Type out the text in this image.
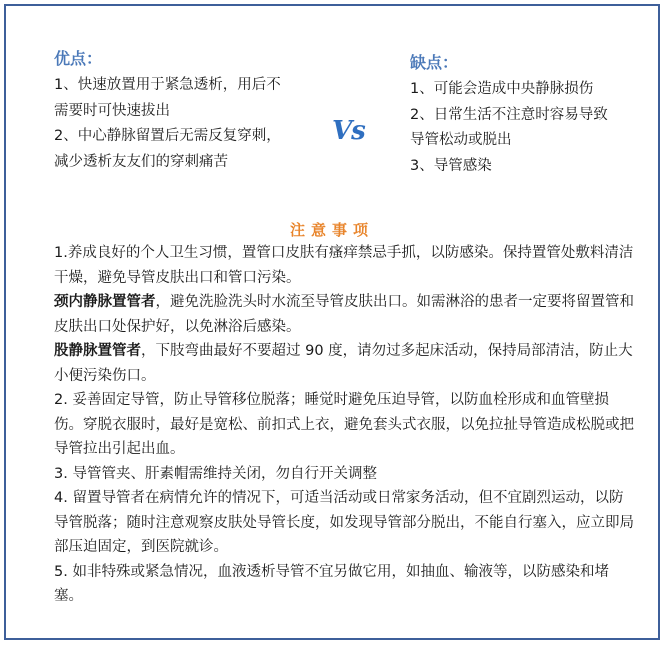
优点：
1、快速放置用于紧急透析，用后不需要时可快速拔出
2、中心静脉留置后无需反复穿刺，减少透析友友们的穿刺痛苦
Vs
缺点：
1、可能会造成中央静脉损伤
2、日常生活不注意时容易导致导管松动或脱出
3、导管感染
注意事项

1.养成良好的个人卫生习惯，置管口皮肤有瘙痒禁忌手抓，以防感染。保持置管处敷料清洁干燥，避免导管皮肤出口和管口污染。

颈内静脉置管者，避免洗脸洗头时水流至导管皮肤出口。如需淋浴的患者一定要将留置管和皮肤出口处保护好，以免淋浴后感染。

股静脉置管者，下肢弯曲最好不要超过 90 度，请勿过多起床活动，保持局部清洁，防止大小便污染伤口。

2. 妥善固定导管，防止导管移位脱落；睡觉时避免压迫导管，以防血栓形成和血管壁损伤。穿脱衣服时，最好是宽松、前扣式上衣，避免套头式衣服，以免拉扯导管造成松脱或把导管拉出引起出血。

3. 导管管夹、肝素帽需维持关闭，勿自行开关调整

4. 留置导管者在病情允许的情况下，可适当活动或日常家务活动，但不宜剧烈运动，以防导管脱落；随时注意观察皮肤处导管长度，如发现导管部分脱出，不能自行塞入，应立即局部压迫固定，到医院就诊。

5. 如非特殊或紧急情况，血液透析导管不宜另做它用，如抽血、输液等，以防感染和堵塞。
